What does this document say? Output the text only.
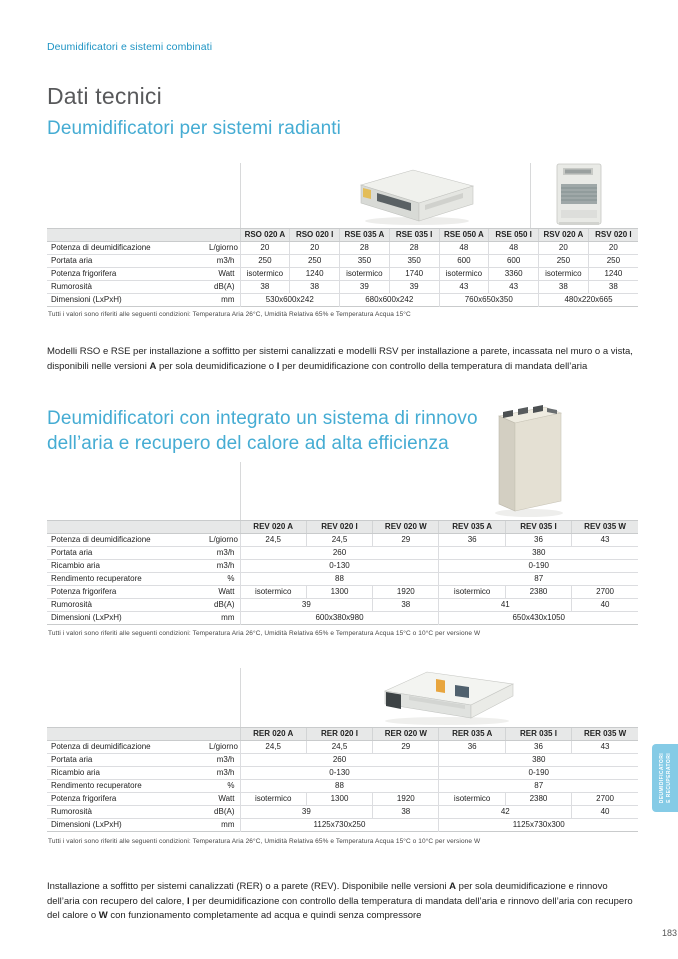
Deumidificatori e sistemi combinati
Dati tecnici
Deumidificatori per sistemi radianti
		RSO 020 A	RSO 020 I	RSE 035 A	RSE 035 I	RSE 050 A	RSE 050 I	RSV 020 A	RSV 020 I
Potenza di deumidificazione	L/giorno	20	20	28	28	48	48	20	20
Portata aria	m3/h	250	250	350	350	600	600	250	250
Potenza frigorifera	Watt	isotermico	1240	isotermico	1740	isotermico	3360	isotermico	1240
Rumorosità	dB(A)	38	38	39	39	43	43	38	38
Dimensioni (LxPxH)	mm	530x600x242		680x600x242		760x650x350		480x220x665	
Tutti i valori sono riferiti alle seguenti condizioni: Temperatura Aria 26°C, Umidità Relativa 65% e Temperatura Acqua 15°C
Modelli RSO e RSE per installazione a soffitto per sistemi canalizzati e modelli RSV per installazione a parete, incassata nel muro o a vista, disponibili nelle versioni A per sola deumidificazione o I per deumidificazione con controllo della temperatura di mandata dell’aria
Deumidificatori con integrato un sistema di rinnovo dell’aria e recupero del calore ad alta efficienza
		REV 020 A	REV 020 I	REV 020 W	REV 035 A	REV 035 I	REV 035 W
Potenza di deumidificazione	L/giorno	24,5	24,5	29	36	36	43
Portata aria	m3/h	260			380		
Ricambio aria	m3/h	0-130			0-190		
Rendimento recuperatore	%	88			87		
Potenza frigorifera	Watt	isotermico	1300	1920	isotermico	2380	2700
Rumorosità	dB(A)	39		38	41		40
Dimensioni (LxPxH)	mm	600x380x980			650x430x1050		
Tutti i valori sono riferiti alle seguenti condizioni: Temperatura Aria 26°C, Umidità Relativa 65% e Temperatura Acqua 15°C o 10°C per versione W
		RER 020 A	RER 020 I	RER 020 W	RER 035 A	RER 035 I	RER 035 W
Potenza di deumidificazione	L/giorno	24,5	24,5	29	36	36	43
Portata aria	m3/h	260			380		
Ricambio aria	m3/h	0-130			0-190		
Rendimento recuperatore	%	88			87		
Potenza frigorifera	Watt	isotermico	1300	1920	isotermico	2380	2700
Rumorosità	dB(A)	39		38	42		40
Dimensioni (LxPxH)	mm	1125x730x250			1125x730x300		
Tutti i valori sono riferiti alle seguenti condizioni: Temperatura Aria 26°C, Umidità Relativa 65% e Temperatura Acqua 15°C o 10°C per versione W
Installazione a soffitto per sistemi canalizzati (RER) o a parete (REV). Disponibile nelle versioni A per sola deumidificazione e rinnovo dell’aria con recupero del calore, I per deumidificazione con controllo della temperatura di mandata dell’aria e rinnovo dell’aria con recupero del calore o W con funzionamento completamente ad acqua e quindi senza compressore
183
DEUMIDIFICATORI E RECUPERATORI
